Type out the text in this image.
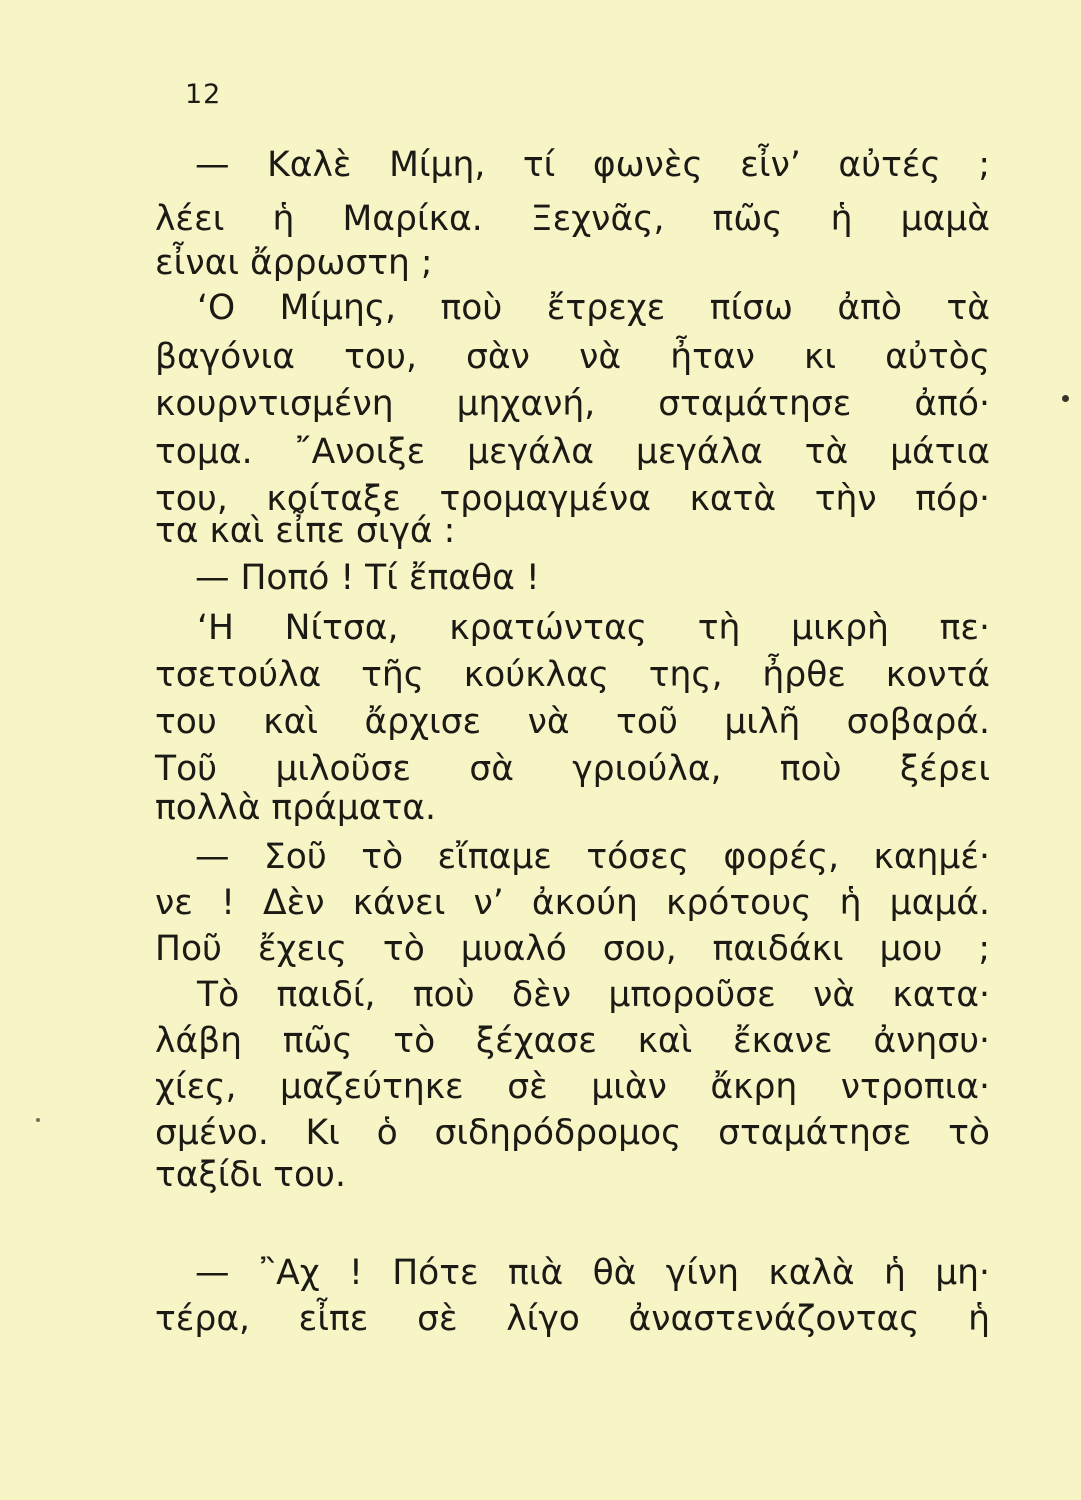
12
— Καλὲ Μίμη, τί φωνὲς εἶν’ αὐτές ;
λέει ἡ Μαρίκα. Ξεχνᾶς, πῶς ἡ μαμὰ
εἶναι ἄρρωστη ;
‘Ο Μίμης, ποὺ ἔτρεχε πίσω ἀπὸ τὰ
βαγόνια του, σὰν νὰ ἦταν κι αὐτὸς
κουρντισμένη μηχανή, σταμάτησε ἀπό·
τομα. ῎Ανοιξε μεγάλα μεγάλα τὰ μάτια
του, κοίταξε τρομαγμένα κατὰ τὴν πόρ·
τα καὶ εἶπε σιγά :
— Ποπό ! Τί ἔπαθα !
‘Η Νίτσα, κρατώντας τὴ μικρὴ πε·
τσετούλα τῆς κούκλας της, ἦρθε κοντά
του καὶ ἄρχισε νὰ τοῦ μιλῆ σοβαρά.
Τοῦ μιλοῦσε σὰ γριούλα, ποὺ ξέρει
πολλὰ πράματα.
— Σοῦ τὸ εἴπαμε τόσες φορές, καημέ·
νε ! Δὲν κάνει ν’ ἀκούη κρότους ἡ μαμά.
Ποῦ ἔχεις τὸ μυαλό σου, παιδάκι μου ;
Τὸ παιδί, ποὺ δὲν μποροῦσε νὰ κατα·
λάβη πῶς τὸ ξέχασε καὶ ἔκανε ἀνησυ·
χίες, μαζεύτηκε σὲ μιὰν ἄκρη ντροπια·
σμένο. Κι ὁ σιδηρόδρομος σταμάτησε τὸ
ταξίδι του.
— ῍Αχ ! Πότε πιὰ θὰ γίνη καλὰ ἡ μη·
τέρα, εἶπε σὲ λίγο ἀναστενάζοντας ἡ
